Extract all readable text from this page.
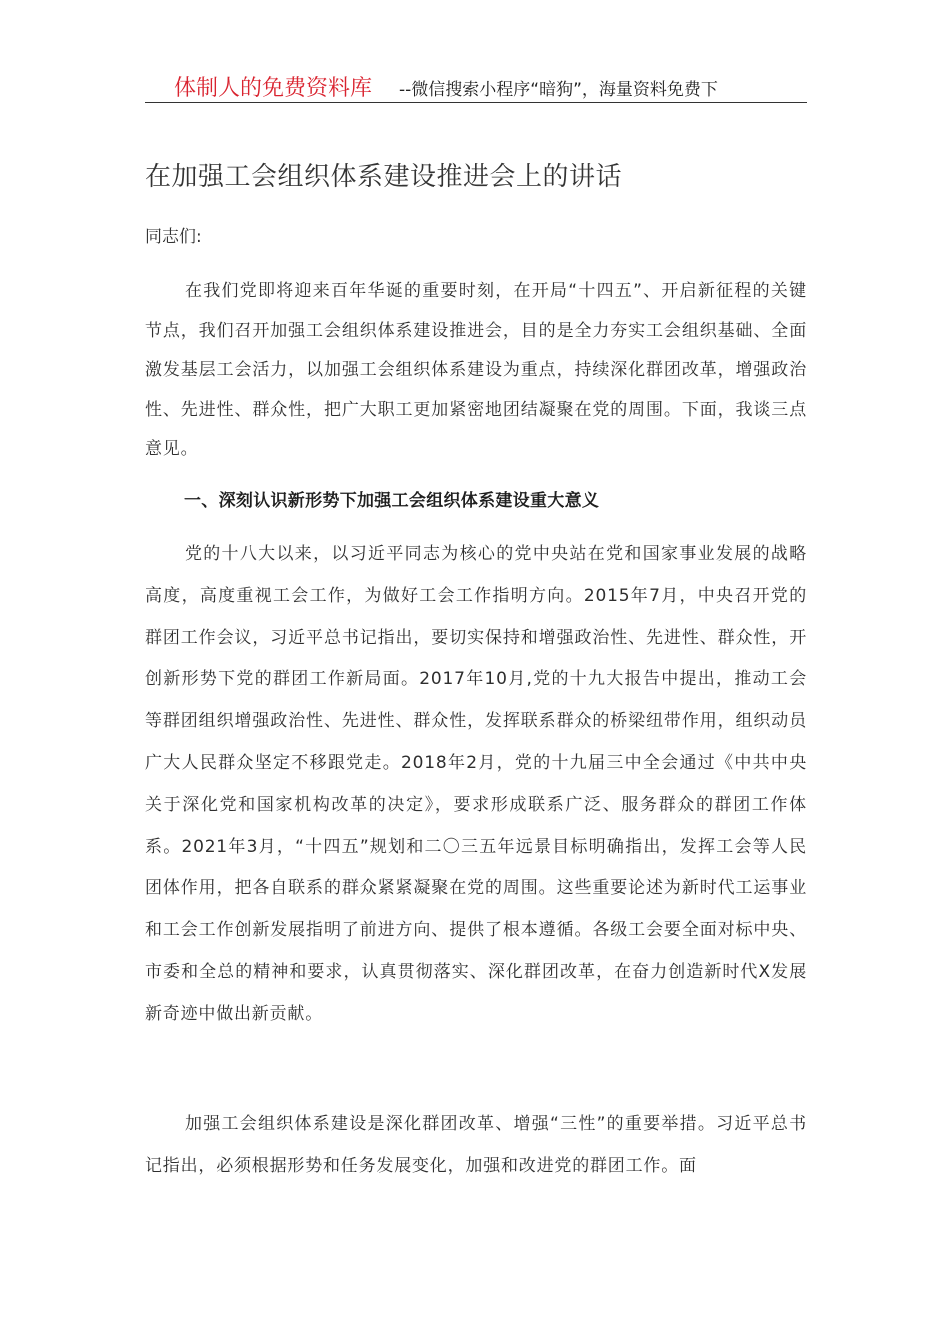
体制人的免费资料库 --微信搜索小程序“暗狗”，海量资料免费下
在加强工会组织体系建设推进会上的讲话
同志们:

在我们党即将迎来百年华诞的重要时刻，在开局“十四五”、开启新征程的关键节点，我们召开加强工会组织体系建设推进会，目的是全力夯实工会组织基础、全面激发基层工会活力，以加强工会组织体系建设为重点，持续深化群团改革，增强政治性、先进性、群众性，把广大职工更加紧密地团结凝聚在党的周围。下面，我谈三点意见。

一、深刻认识新形势下加强工会组织体系建设重大意义

党的十八大以来，以习近平同志为核心的党中央站在党和国家事业发展的战略高度，高度重视工会工作，为做好工会工作指明方向。2015年7月，中央召开党的群团工作会议，习近平总书记指出，要切实保持和增强政治性、先进性、群众性，开创新形势下党的群团工作新局面。2017年10月,党的十九大报告中提出，推动工会等群团组织增强政治性、先进性、群众性，发挥联系群众的桥梁纽带作用，组织动员广大人民群众坚定不移跟党走。2018年2月，党的十九届三中全会通过《中共中央关于深化党和国家机构改革的决定》，要求形成联系广泛、服务群众的群团工作体系。2021年3月，“十四五”规划和二〇三五年远景目标明确指出，发挥工会等人民团体作用，把各自联系的群众紧紧凝聚在党的周围。这些重要论述为新时代工运事业和工会工作创新发展指明了前进方向、提供了根本遵循。各级工会要全面对标中央、市委和全总的精神和要求，认真贯彻落实、深化群团改革，在奋力创造新时代X发展新奇迹中做出新贡献。

加强工会组织体系建设是深化群团改革、增强“三性”的重要举措。习近平总书记指出，必须根据形势和任务发展变化，加强和改进党的群团工作。面
